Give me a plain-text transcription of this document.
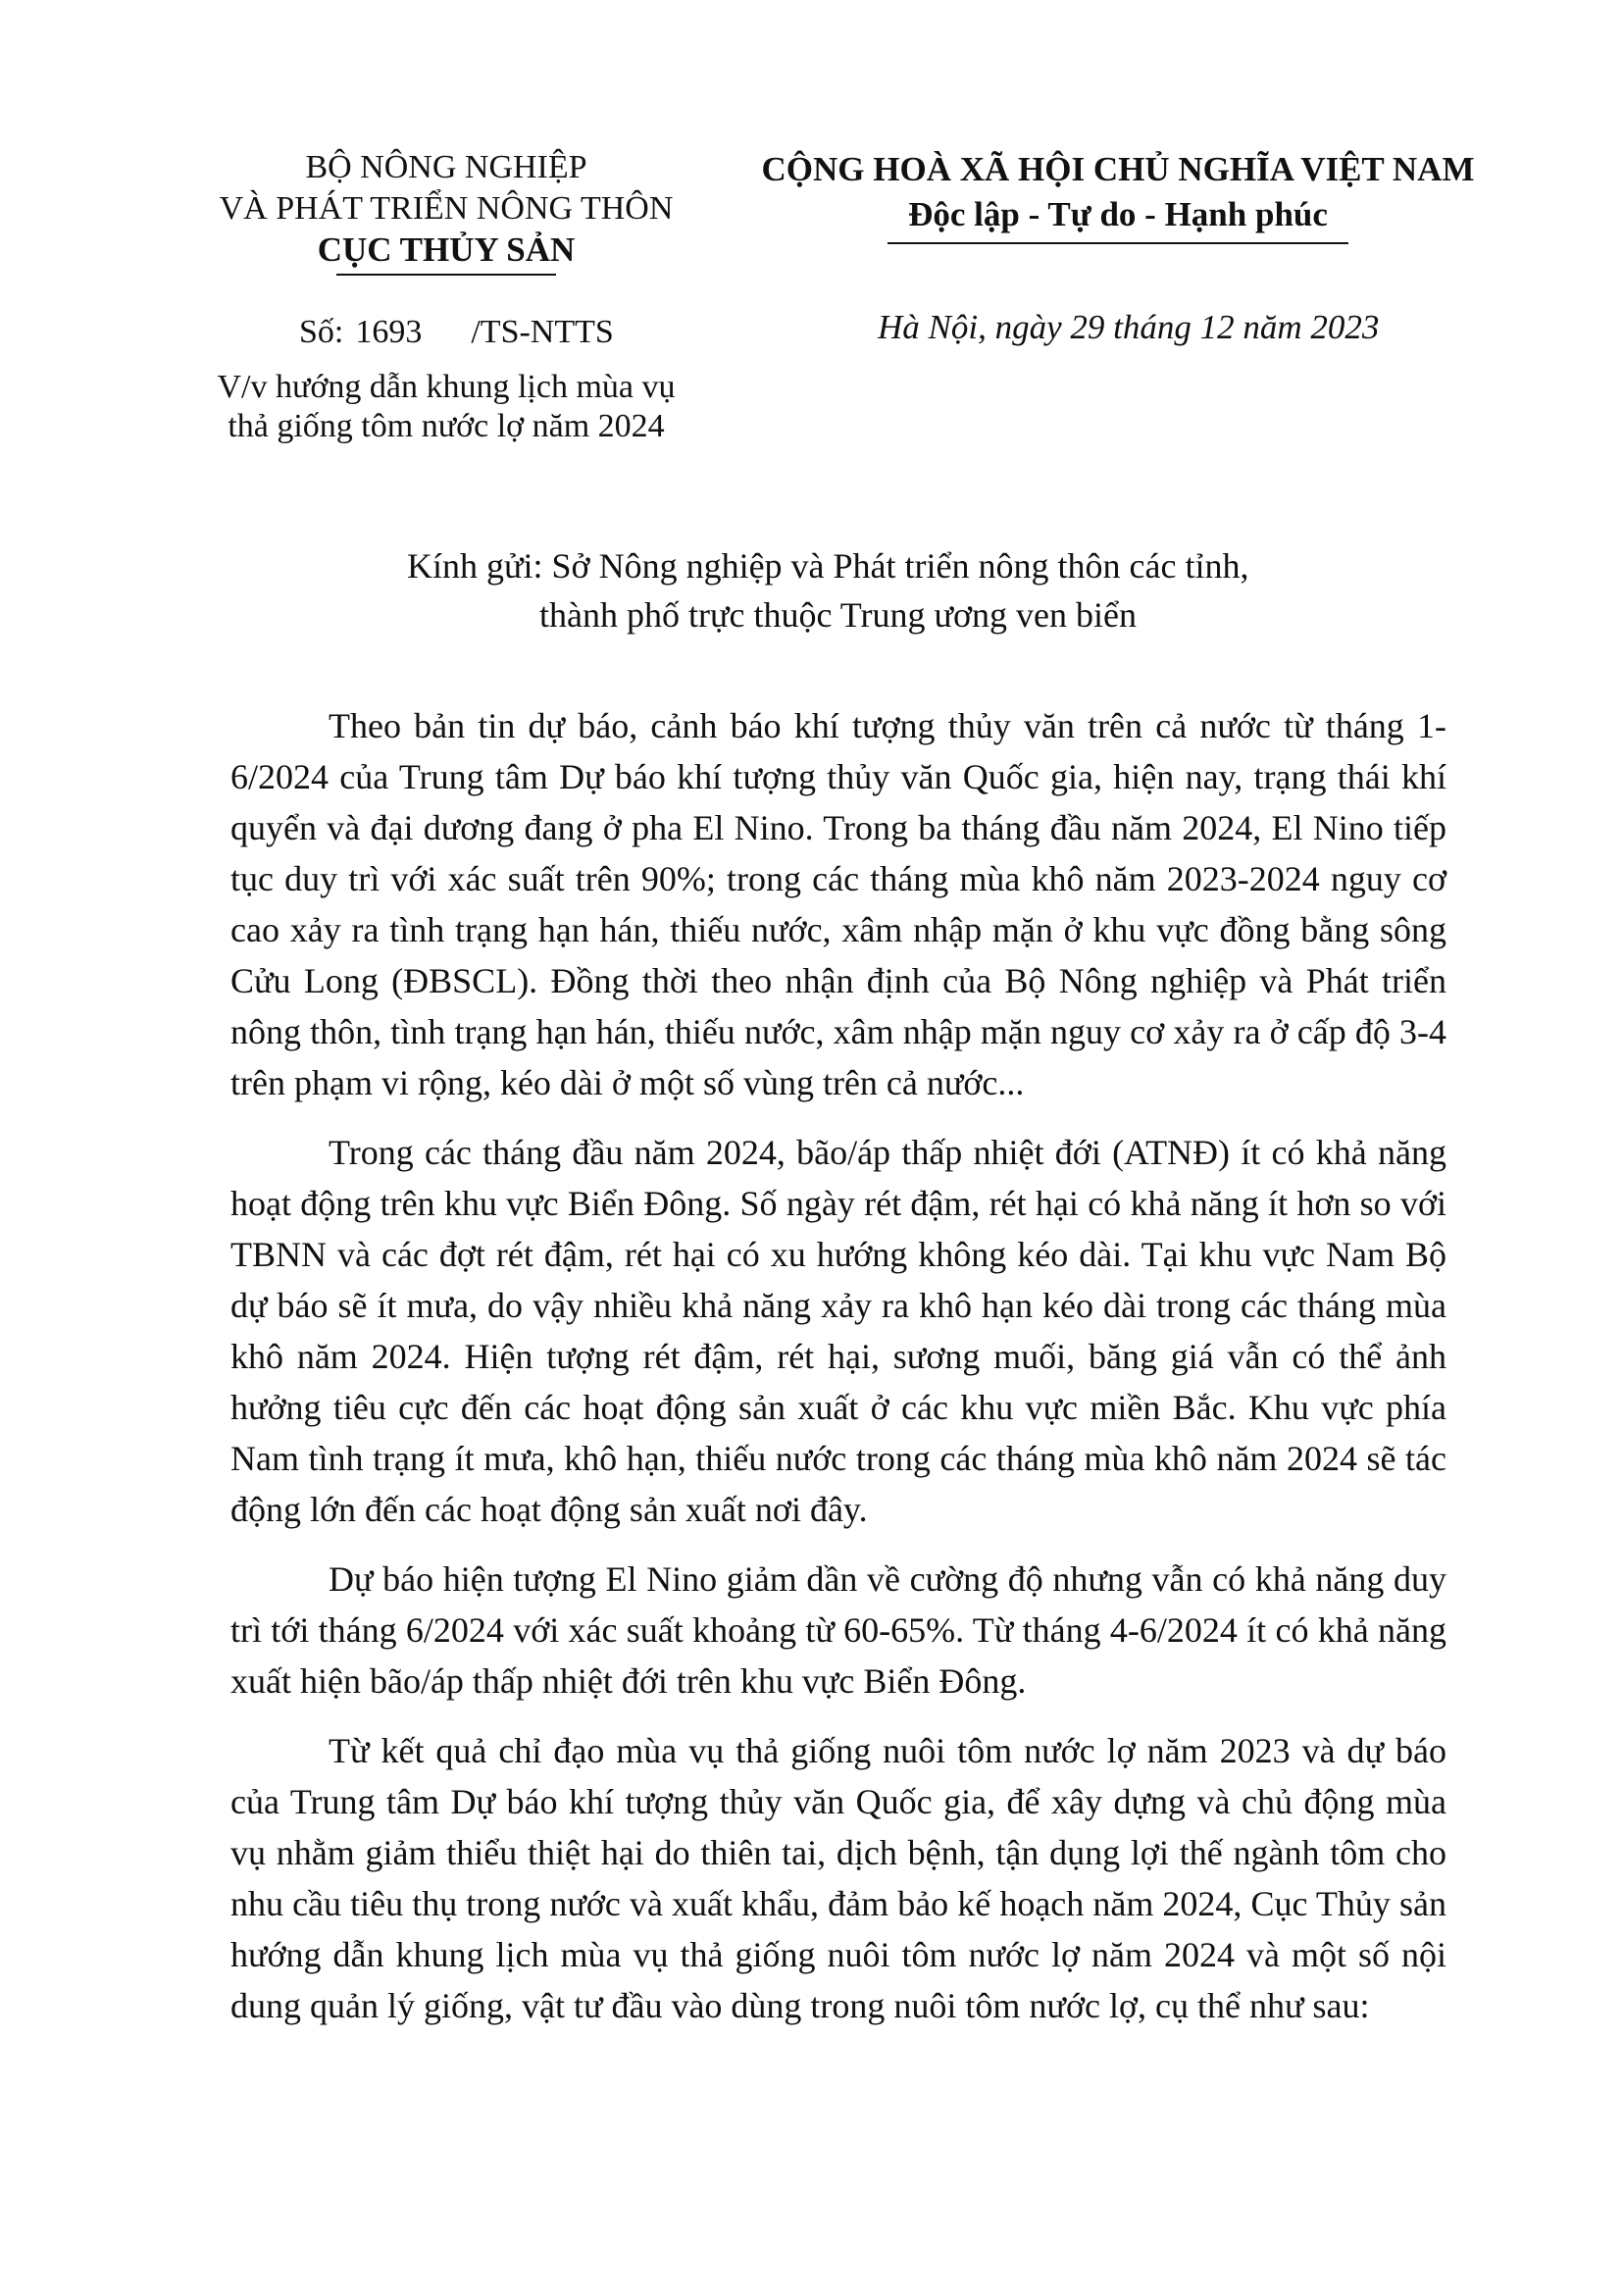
BỘ NÔNG NGHIỆP
VÀ PHÁT TRIỂN NÔNG THÔN
CỤC THỦY SẢN
CỘNG HOÀ XÃ HỘI CHỦ NGHĨA VIỆT NAM
Độc lập - Tự do - Hạnh phúc
Số: 1693 /TS-NTTS	Hà Nội, ngày 29 tháng 12 năm 2023
V/v hướng dẫn khung lịch mùa vụ
thả giống tôm nước lợ năm 2024
Kính gửi: Sở Nông nghiệp và Phát triển nông thôn các tỉnh,
thành phố trực thuộc Trung ương ven biển

Theo bản tin dự báo, cảnh báo khí tượng thủy văn trên cả nước từ tháng 1-6/2024 của Trung tâm Dự báo khí tượng thủy văn Quốc gia, hiện nay, trạng thái khí quyển và đại dương đang ở pha El Nino. Trong ba tháng đầu năm 2024, El Nino tiếp tục duy trì với xác suất trên 90%; trong các tháng mùa khô năm 2023-2024 nguy cơ cao xảy ra tình trạng hạn hán, thiếu nước, xâm nhập mặn ở khu vực đồng bằng sông Cửu Long (ĐBSCL). Đồng thời theo nhận định của Bộ Nông nghiệp và Phát triển nông thôn, tình trạng hạn hán, thiếu nước, xâm nhập mặn nguy cơ xảy ra ở cấp độ 3-4 trên phạm vi rộng, kéo dài ở một số vùng trên cả nước...

Trong các tháng đầu năm 2024, bão/áp thấp nhiệt đới (ATNĐ) ít có khả năng hoạt động trên khu vực Biển Đông. Số ngày rét đậm, rét hại có khả năng ít hơn so với TBNN và các đợt rét đậm, rét hại có xu hướng không kéo dài. Tại khu vực Nam Bộ dự báo sẽ ít mưa, do vậy nhiều khả năng xảy ra khô hạn kéo dài trong các tháng mùa khô năm 2024. Hiện tượng rét đậm, rét hại, sương muối, băng giá vẫn có thể ảnh hưởng tiêu cực đến các hoạt động sản xuất ở các khu vực miền Bắc. Khu vực phía Nam tình trạng ít mưa, khô hạn, thiếu nước trong các tháng mùa khô năm 2024 sẽ tác động lớn đến các hoạt động sản xuất nơi đây.

Dự báo hiện tượng El Nino giảm dần về cường độ nhưng vẫn có khả năng duy trì tới tháng 6/2024 với xác suất khoảng từ 60-65%. Từ tháng 4-6/2024 ít có khả năng xuất hiện bão/áp thấp nhiệt đới trên khu vực Biển Đông.

Từ kết quả chỉ đạo mùa vụ thả giống nuôi tôm nước lợ năm 2023 và dự báo của Trung tâm Dự báo khí tượng thủy văn Quốc gia, để xây dựng và chủ động mùa vụ nhằm giảm thiểu thiệt hại do thiên tai, dịch bệnh, tận dụng lợi thế ngành tôm cho nhu cầu tiêu thụ trong nước và xuất khẩu, đảm bảo kế hoạch năm 2024, Cục Thủy sản hướng dẫn khung lịch mùa vụ thả giống nuôi tôm nước lợ năm 2024 và một số nội dung quản lý giống, vật tư đầu vào dùng trong nuôi tôm nước lợ, cụ thể như sau:
